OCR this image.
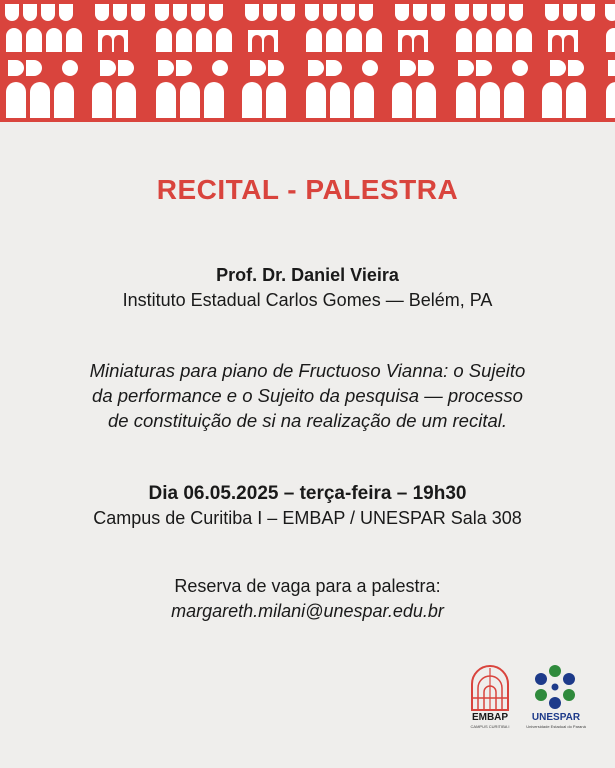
RECITAL - PALESTRA
Prof. Dr. Daniel Vieira
Instituto Estadual Carlos Gomes — Belém, PA
Miniaturas para piano de Fructuoso Vianna: o Sujeito
da performance e o Sujeito da pesquisa — processo
de constituição de si na realização de um recital.
Dia 06.05.2025 – terça-feira – 19h30
Campus de Curitiba I – EMBAP / UNESPAR Sala 308
Reserva de vaga para a palestra:
margareth.milani@unespar.edu.br
EMBAP
CAMPUS CURITIBA I
UNESPAR
Universidade Estadual do Paraná
